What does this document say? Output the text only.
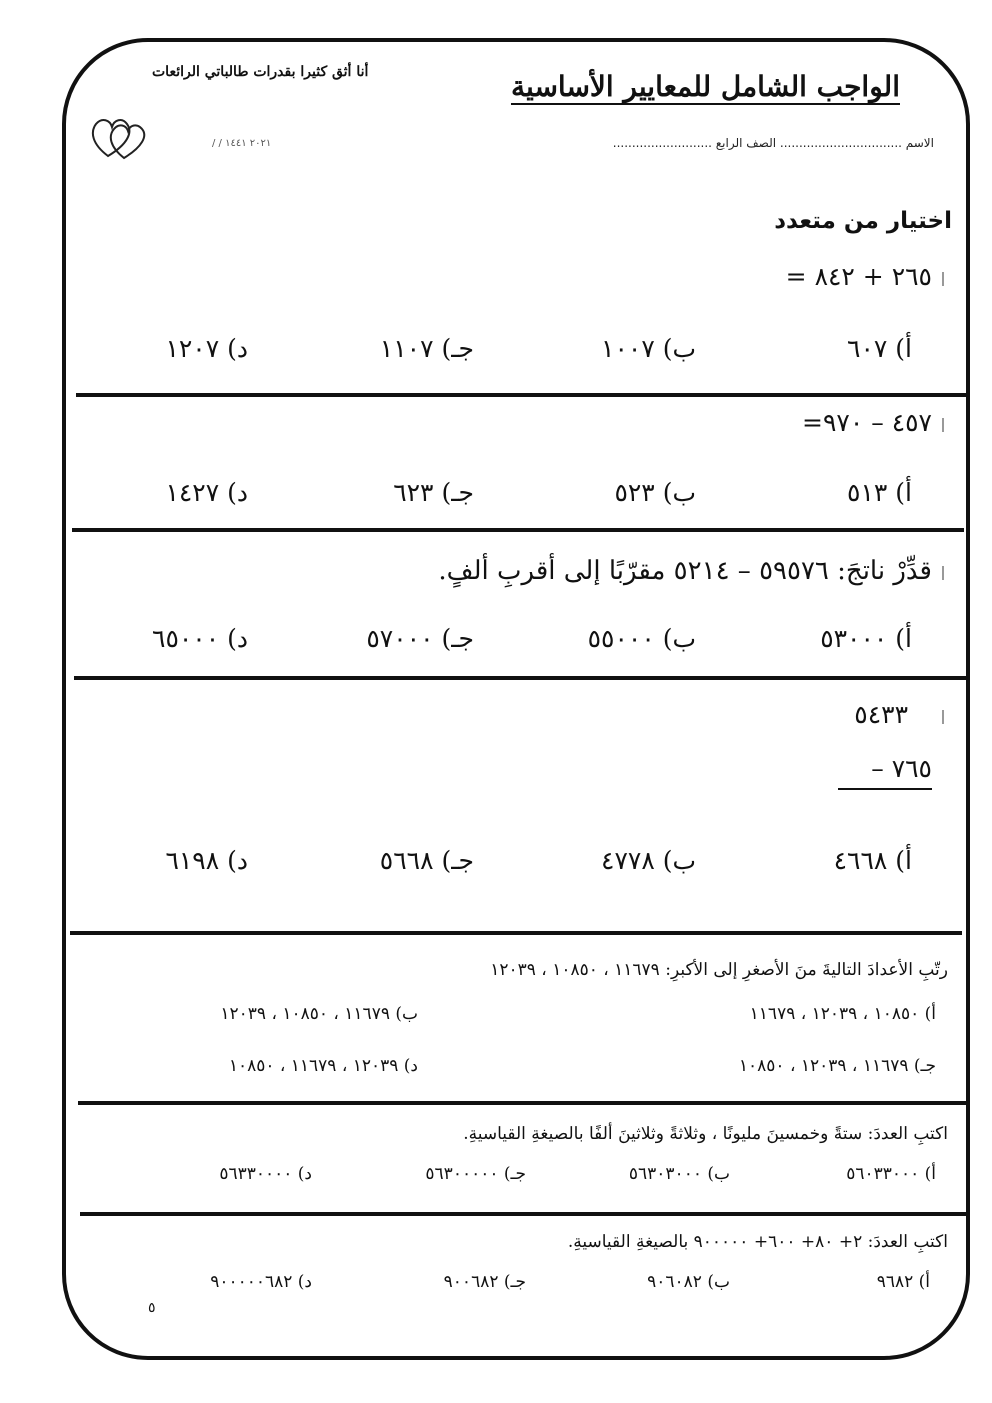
الواجب الشامل للمعايير الأساسية
أنا أثق كثيرا بقدرات طالباتي الرائعات
الاسم ................................ الصف الرابع ..........................
/ / ٢٠٢١ ١٤٤١
اختيار من متعدد
= ٢٦٥ + ٨٤٢
أ) ٦٠٧
ب) ١٠٠٧
جـ) ١١٠٧
د) ١٢٠٧
=٤٥٧ – ٩٧٠
أ) ٥١٣
ب) ٥٢٣
جـ) ٦٢٣
د) ١٤٢٧
قدِّرْ ناتجَ: ٥٩٥٧٦ – ٥٢١٤ مقرّبًا إلى أقربِ ألفٍ.
أ) ٥٣٠٠٠
ب) ٥٥٠٠٠
جـ) ٥٧٠٠٠
د) ٦٥٠٠٠
٥٤٣٣
– ٧٦٥
أ) ٤٦٦٨
ب) ٤٧٧٨
جـ) ٥٦٦٨
د) ٦١٩٨
رتّبِ الأعدادَ التاليةَ منَ الأصغرِ إلى الأكبرِ: ١١٦٧٩ ، ١٠٨٥٠ ، ١٢٠٣٩
أ) ١٠٨٥٠ ، ١٢٠٣٩ ، ١١٦٧٩
ب) ١١٦٧٩ ، ١٠٨٥٠ ، ١٢٠٣٩
جـ) ١١٦٧٩ ، ١٢٠٣٩ ، ١٠٨٥٠
د) ١٢٠٣٩ ، ١١٦٧٩ ، ١٠٨٥٠
اكتبِ العددَ: ستةً وخمسينَ مليونًا ، وثلاثةً وثلاثينَ ألفًا بالصيغةِ القياسيةِ.
أ) ٥٦٠٣٣٠٠٠
ب) ٥٦٣٠٣٠٠٠
جـ) ٥٦٣٠٠٠٠٠
د) ٥٦٣٣٠٠٠٠
اكتبِ العددَ: ٢+ ٨٠+ ٦٠٠+ ٩٠٠٠٠٠ بالصيغةِ القياسيةِ.
أ) ٩٦٨٢
ب) ٩٠٦٠٨٢
جـ) ٩٠٠٦٨٢
د) ٩٠٠٠٠٠٦٨٢
٥
